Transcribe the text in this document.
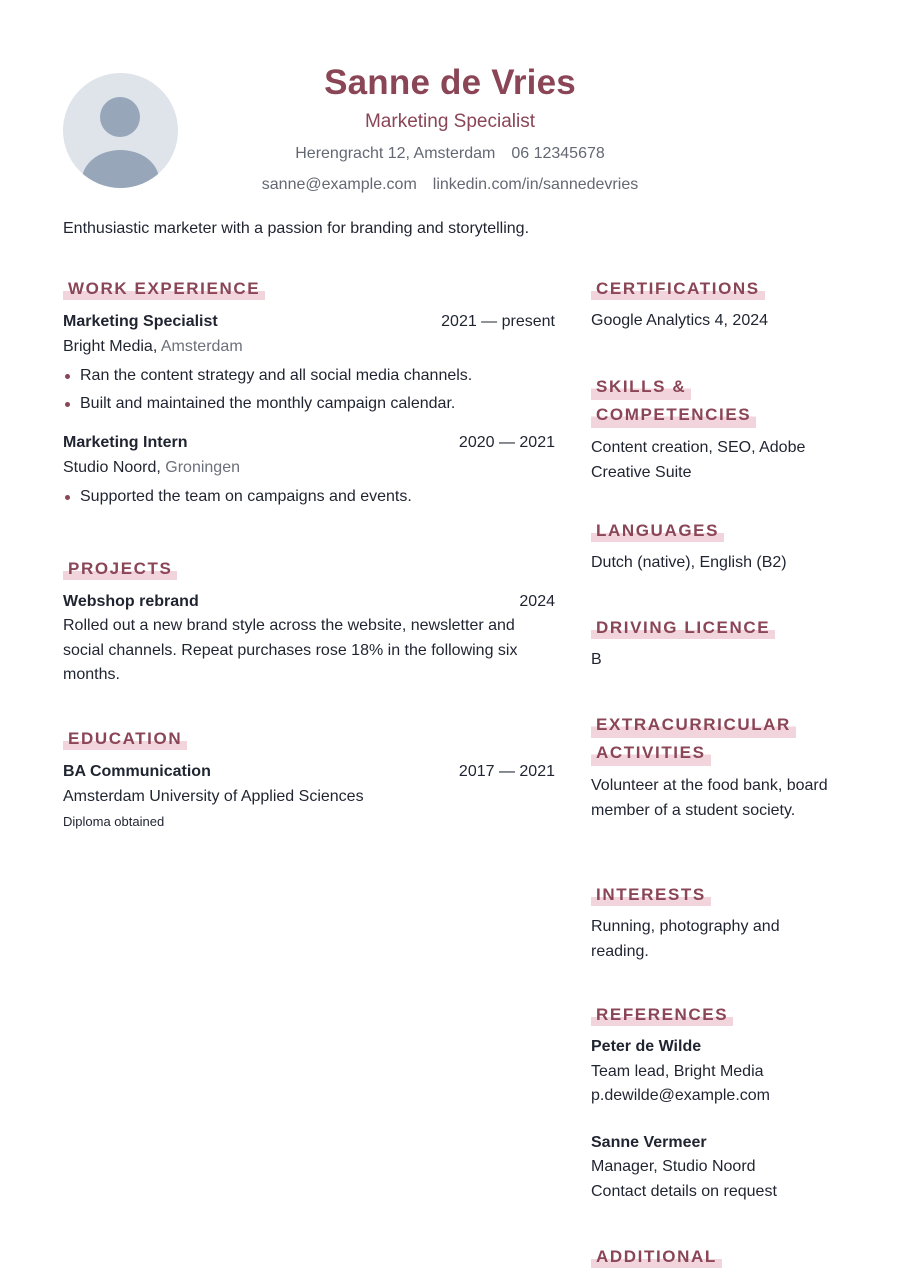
Sanne de Vries
Marketing Specialist
Herengracht 12, Amsterdam 06 12345678
sanne@example.com linkedin.com/in/sannedevries
Enthusiastic marketer with a passion for branding and storytelling.
WORK EXPERIENCE
Marketing Specialist	2021 — present
Bright Media, Amsterdam
Ran the content strategy and all social media channels.
Built and maintained the monthly campaign calendar.
Marketing Intern	2020 — 2021
Studio Noord, Groningen
Supported the team on campaigns and events.
PROJECTS
Webshop rebrand	2024
Rolled out a new brand style across the website, newsletter and social channels. Repeat purchases rose 18% in the following six months.
EDUCATION
BA Communication	2017 — 2021
Amsterdam University of Applied Sciences
Diploma obtained
CERTIFICATIONS
Google Analytics 4, 2024
SKILLS &
COMPETENCIES
Content creation, SEO, Adobe Creative Suite
LANGUAGES
Dutch (native), English (B2)
DRIVING LICENCE
B
EXTRACURRICULAR
ACTIVITIES
Volunteer at the food bank, board member of a student society.
INTERESTS
Running, photography and reading.
REFERENCES
Peter de Wilde
Team lead, Bright Media
p.dewilde@example.com
Sanne Vermeer
Manager, Studio Noord
Contact details on request
ADDITIONAL
